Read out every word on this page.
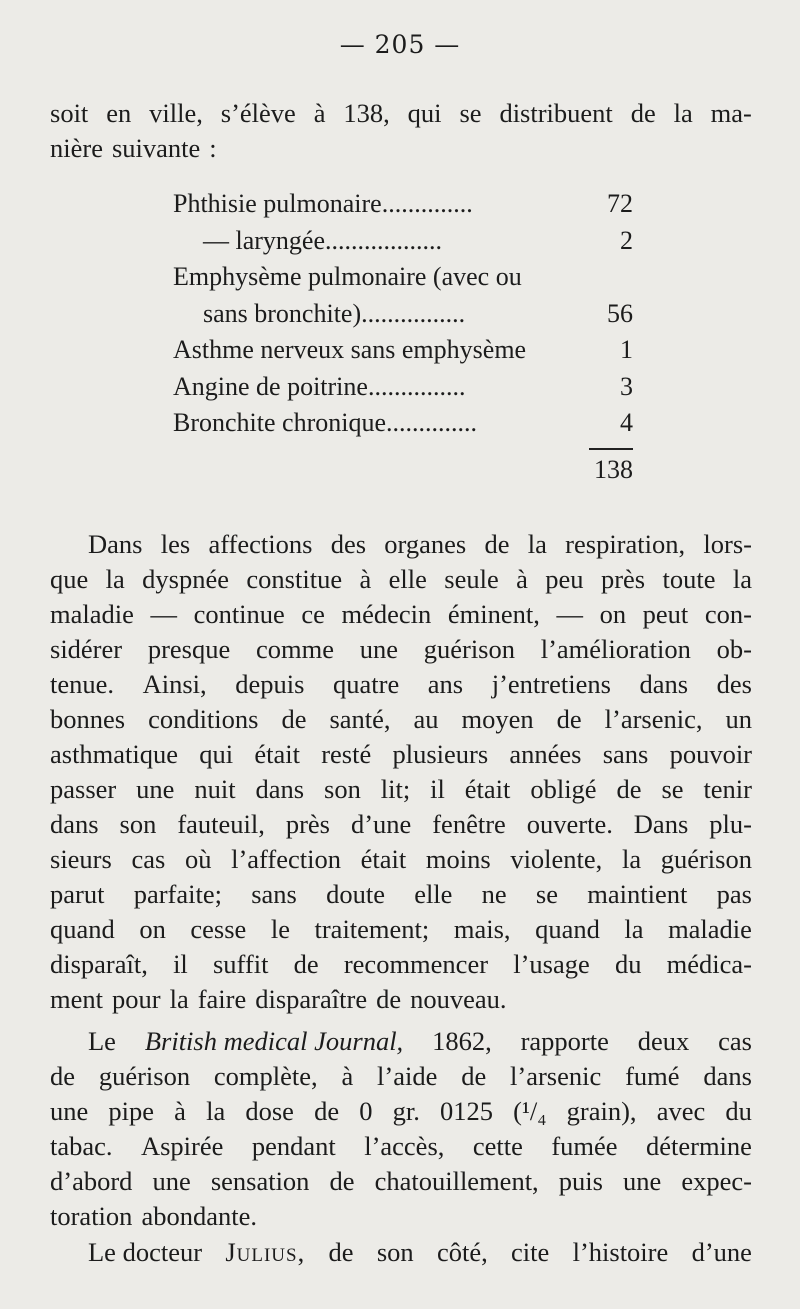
— 205 —
soit en ville, s’élève à 138, qui se distribuent de la ma-
nière suivante :
Phthisie pulmonaire..............	72
— laryngée..................	2
Emphysème pulmonaire (avec ou
sans bronchite)................	56
Asthme nerveux sans emphysème	1
Angine de poitrine...............	3
Bronchite chronique..............	4
138
Dans les affections des organes de la respiration, lors-
que la dyspnée constitue à elle seule à peu près toute la
maladie — continue ce médecin éminent, — on peut con-
sidérer presque comme une guérison l’amélioration ob-
tenue. Ainsi, depuis quatre ans j’entretiens dans des
bonnes conditions de santé, au moyen de l’arsenic, un
asthmatique qui était resté plusieurs années sans pouvoir
passer une nuit dans son lit; il était obligé de se tenir
dans son fauteuil, près d’une fenêtre ouverte. Dans plu-
sieurs cas où l’affection était moins violente, la guérison
parut parfaite; sans doute elle ne se maintient pas
quand on cesse le traitement; mais, quand la maladie
disparaît, il suffit de recommencer l’usage du médica-
ment pour la faire disparaître de nouveau.
Le British medical Journal, 1862, rapporte deux cas
de guérison complète, à l’aide de l’arsenic fumé dans
une pipe à la dose de 0 gr. 0125 (¹/₄ grain), avec du
tabac. Aspirée pendant l’accès, cette fumée détermine
d’abord une sensation de chatouillement, puis une expec-
toration abondante.
Le docteur Julius, de son côté, cite l’histoire d’une
